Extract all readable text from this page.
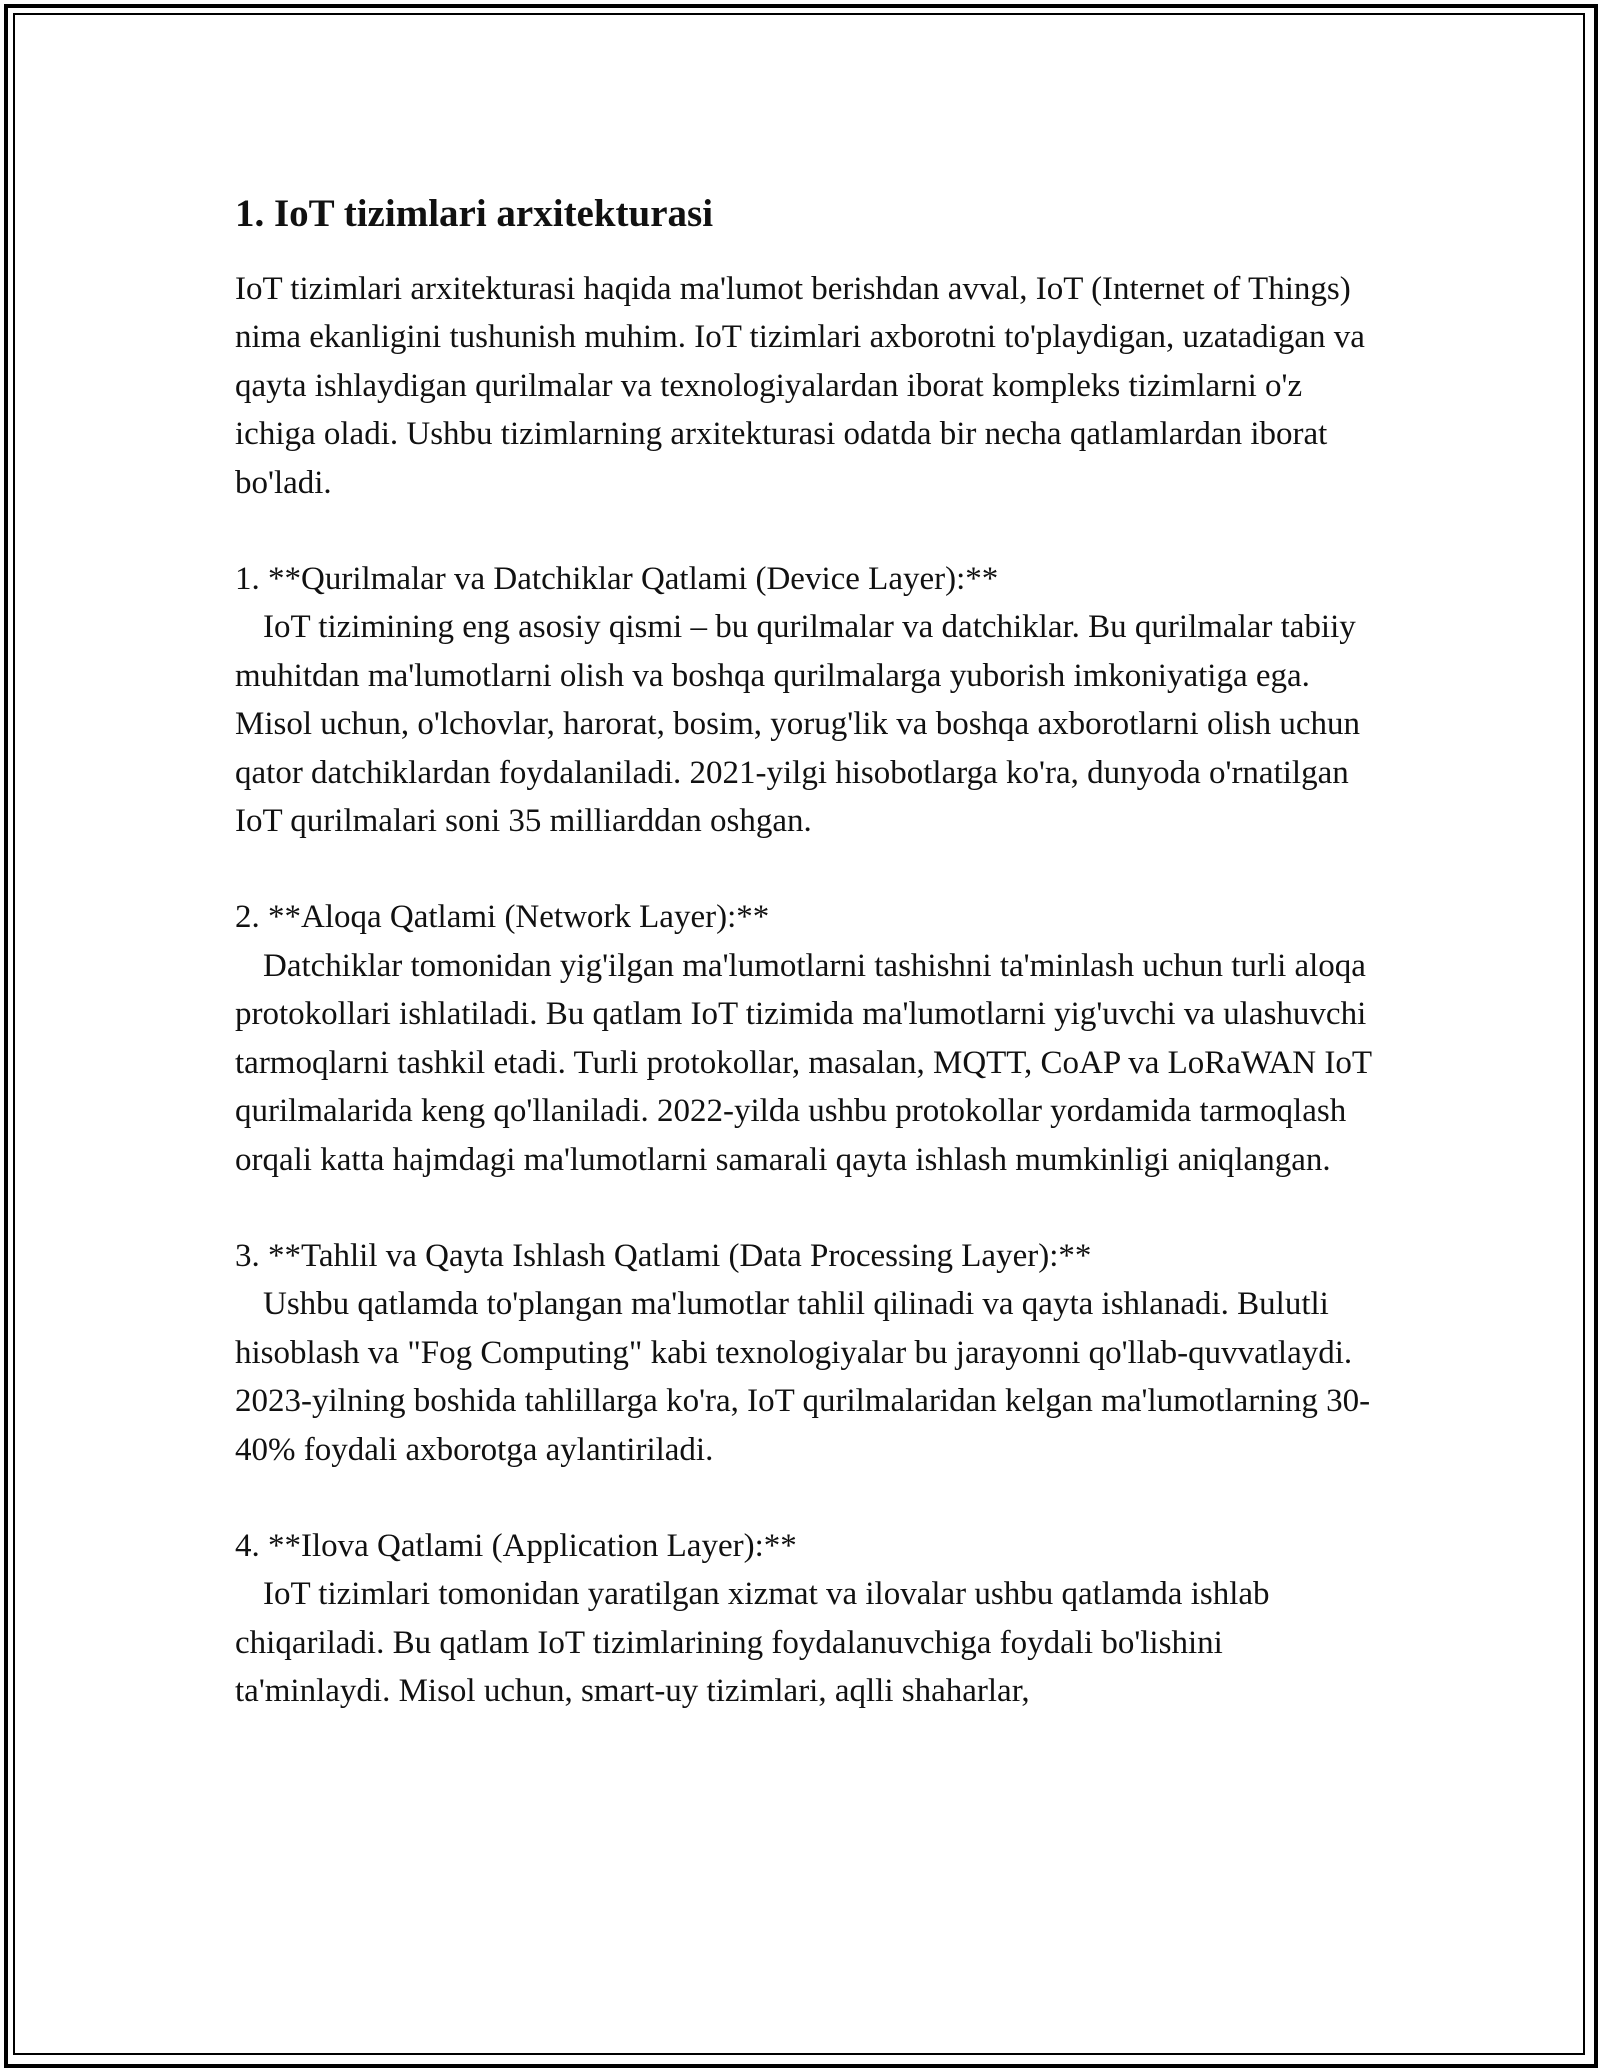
1. IoT tizimlari arxitekturasi

IoT tizimlari arxitekturasi haqida ma'lumot berishdan avval, IoT (Internet of Things) nima ekanligini tushunish muhim. IoT tizimlari axborotni to'playdigan, uzatadigan va qayta ishlaydigan qurilmalar va texnologiyalardan iborat kompleks tizimlarni o'z ichiga oladi. Ushbu tizimlarning arxitekturasi odatda bir necha qatlamlardan iborat bo'ladi.

1. **Qurilmalar va Datchiklar Qatlami (Device Layer):**

IoT tizimining eng asosiy qismi – bu qurilmalar va datchiklar. Bu qurilmalar tabiiy muhitdan ma'lumotlarni olish va boshqa qurilmalarga yuborish imkoniyatiga ega. Misol uchun, o'lchovlar, harorat, bosim, yorug'lik va boshqa axborotlarni olish uchun qator datchiklardan foydalaniladi. 2021-yilgi hisobotlarga ko'ra, dunyoda o'rnatilgan IoT qurilmalari soni 35 milliarddan oshgan.

2. **Aloqa Qatlami (Network Layer):**

Datchiklar tomonidan yig'ilgan ma'lumotlarni tashishni ta'minlash uchun turli aloqa protokollari ishlatiladi. Bu qatlam IoT tizimida ma'lumotlarni yig'uvchi va ulashuvchi tarmoqlarni tashkil etadi. Turli protokollar, masalan, MQTT, CoAP va LoRaWAN IoT qurilmalarida keng qo'llaniladi. 2022-yilda ushbu protokollar yordamida tarmoqlash orqali katta hajmdagi ma'lumotlarni samarali qayta ishlash mumkinligi aniqlangan.

3. **Tahlil va Qayta Ishlash Qatlami (Data Processing Layer):**

Ushbu qatlamda to'plangan ma'lumotlar tahlil qilinadi va qayta ishlanadi. Bulutli hisoblash va "Fog Computing" kabi texnologiyalar bu jarayonni qo'llab-quvvatlaydi. 2023-yilning boshida tahlillarga ko'ra, IoT qurilmalaridan kelgan ma'lumotlarning 30-40% foydali axborotga aylantiriladi.

4. **Ilova Qatlami (Application Layer):**

IoT tizimlari tomonidan yaratilgan xizmat va ilovalar ushbu qatlamda ishlab chiqariladi. Bu qatlam IoT tizimlarining foydalanuvchiga foydali bo'lishini ta'minlaydi. Misol uchun, smart-uy tizimlari, aqlli shaharlar,
